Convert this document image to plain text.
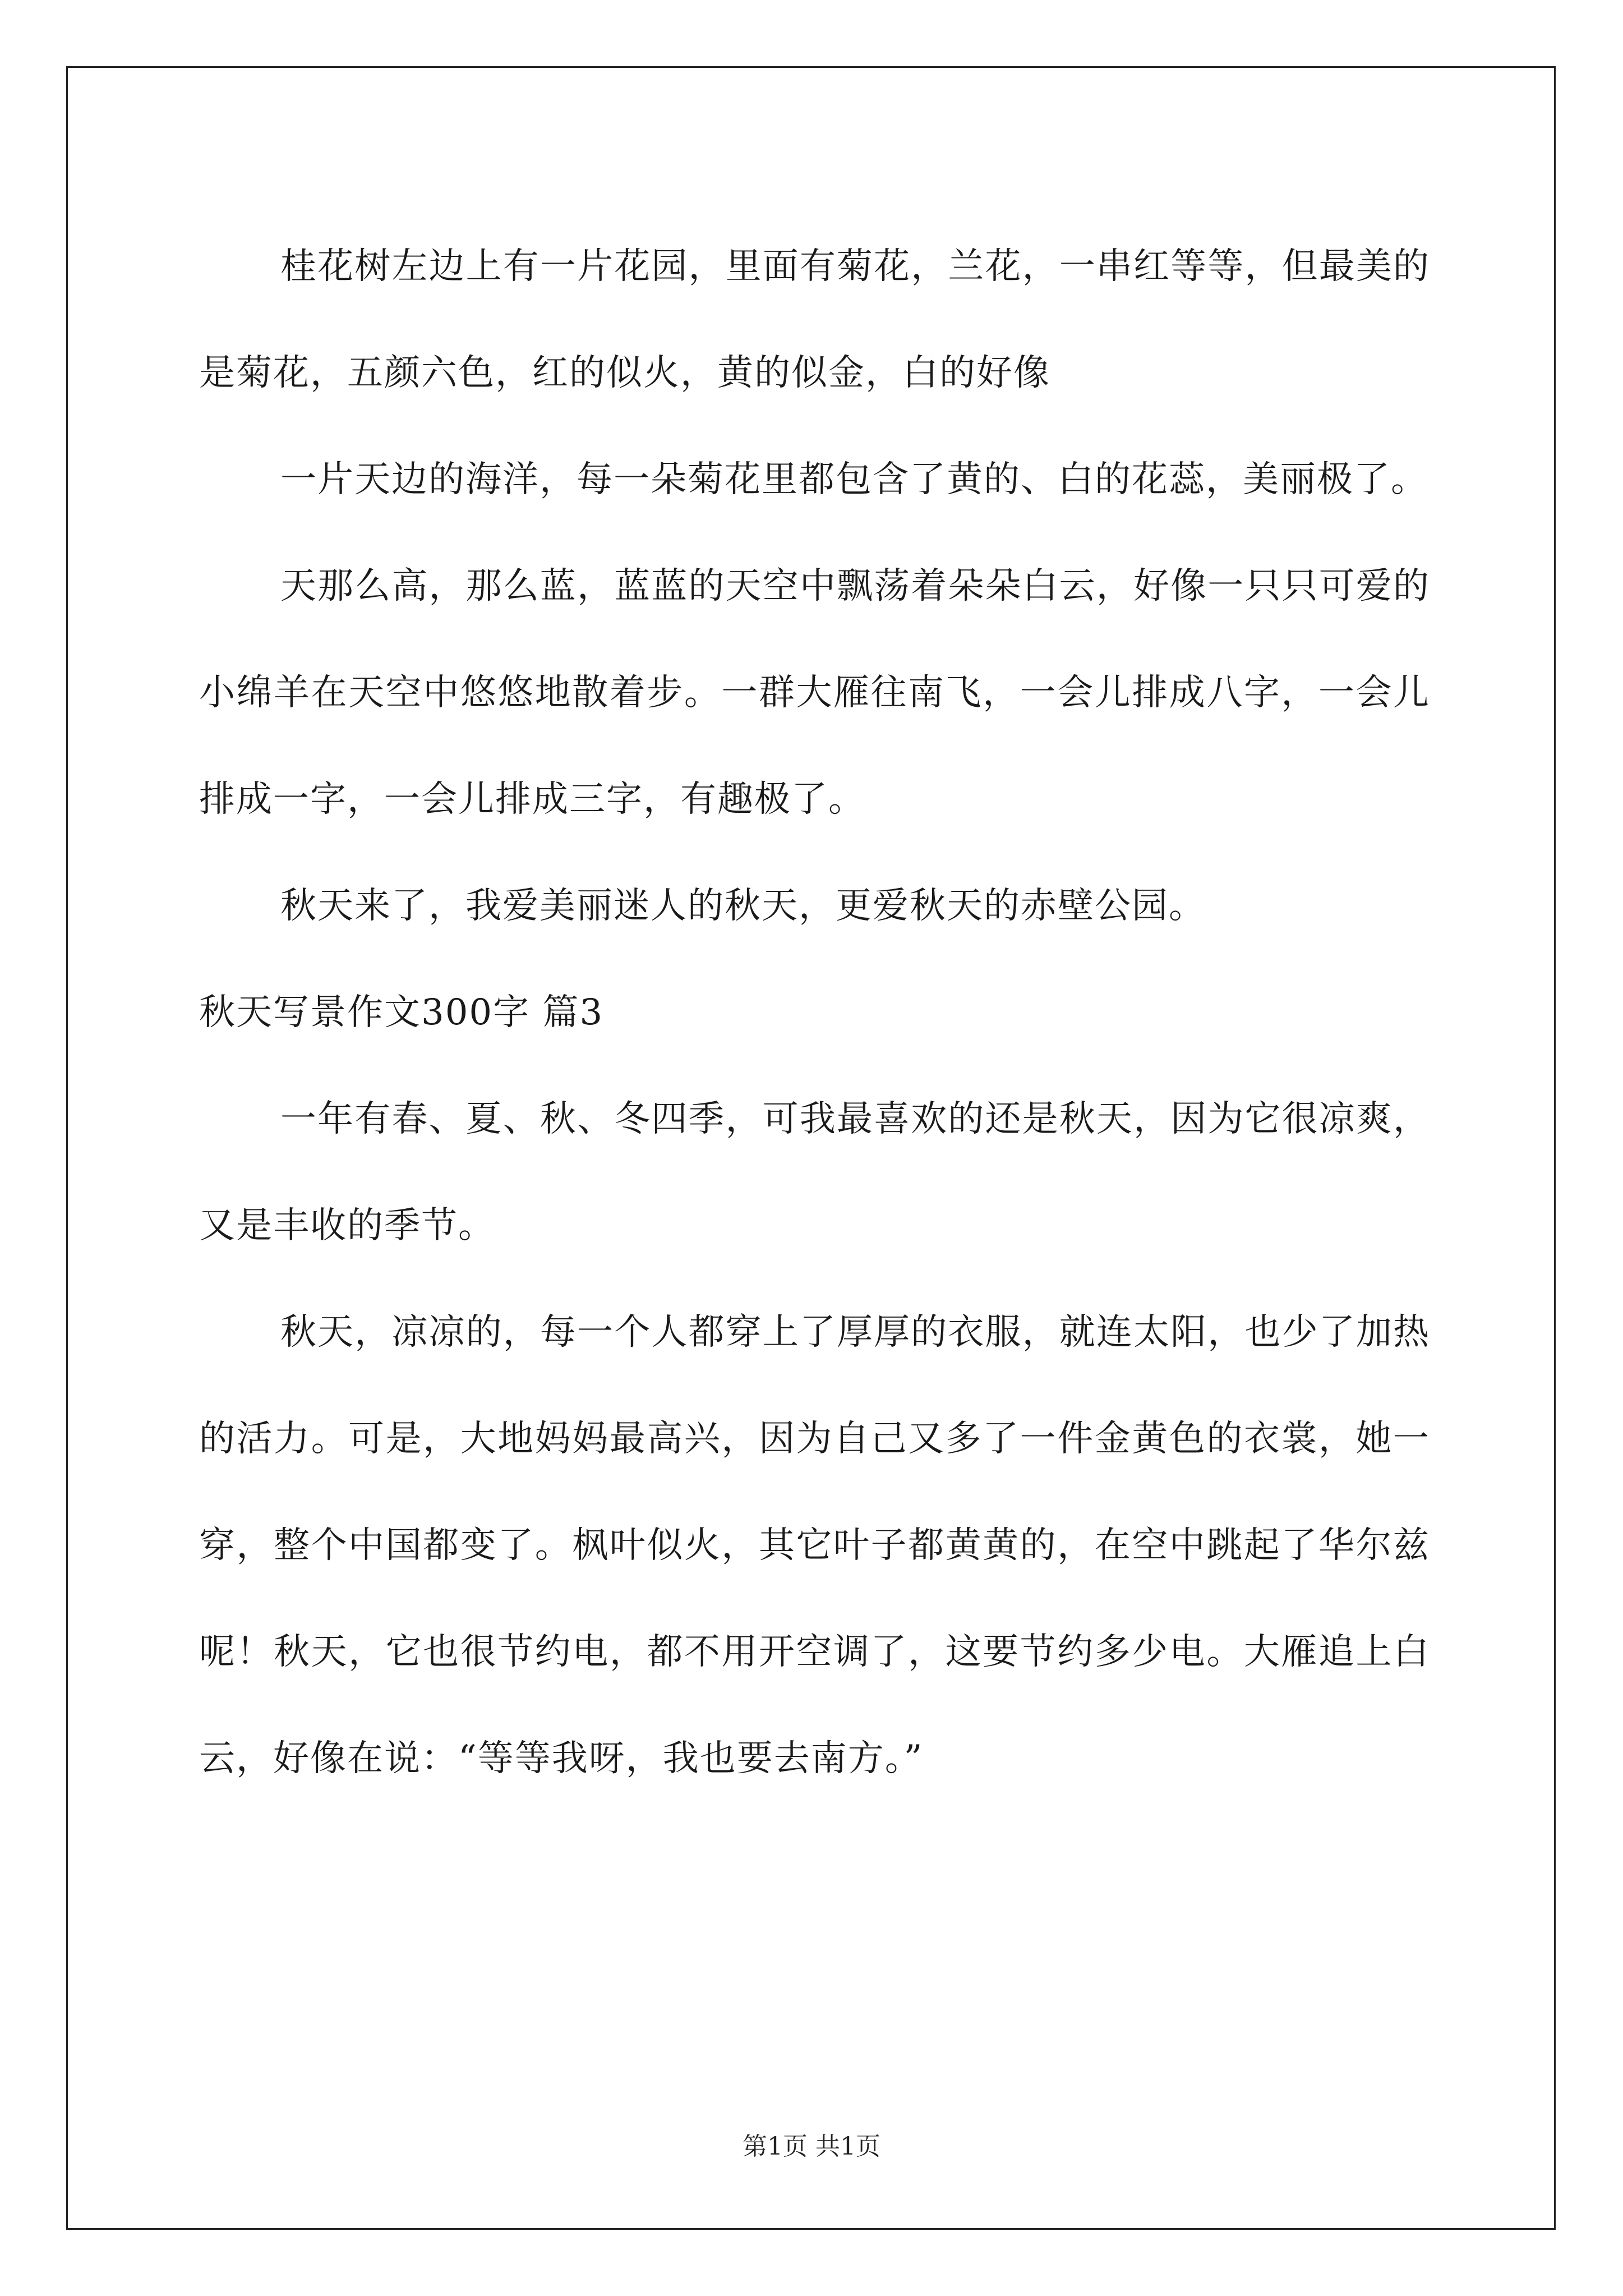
桂花树左边上有一片花园，里面有菊花，兰花，一串红等等，但最美的是菊花，五颜六色，红的似火，黄的似金，白的好像

一片天边的海洋，每一朵菊花里都包含了黄的、白的花蕊，美丽极了。

天那么高，那么蓝，蓝蓝的天空中飘荡着朵朵白云，好像一只只可爱的小绵羊在天空中悠悠地散着步。一群大雁往南飞，一会儿排成八字，一会儿排成一字，一会儿排成三字，有趣极了。

秋天来了，我爱美丽迷人的秋天，更爱秋天的赤壁公园。

秋天写景作文300字 篇3

一年有春、夏、秋、冬四季，可我最喜欢的还是秋天，因为它很凉爽，又是丰收的季节。

秋天，凉凉的，每一个人都穿上了厚厚的衣服，就连太阳，也少了加热的活力。可是，大地妈妈最高兴，因为自己又多了一件金黄色的衣裳，她一穿，整个中国都变了。枫叶似火，其它叶子都黄黄的，在空中跳起了华尔兹呢！秋天，它也很节约电，都不用开空调了，这要节约多少电。大雁追上白云，好像在说：“等等我呀，我也要去南方。”

第1页 共1页
